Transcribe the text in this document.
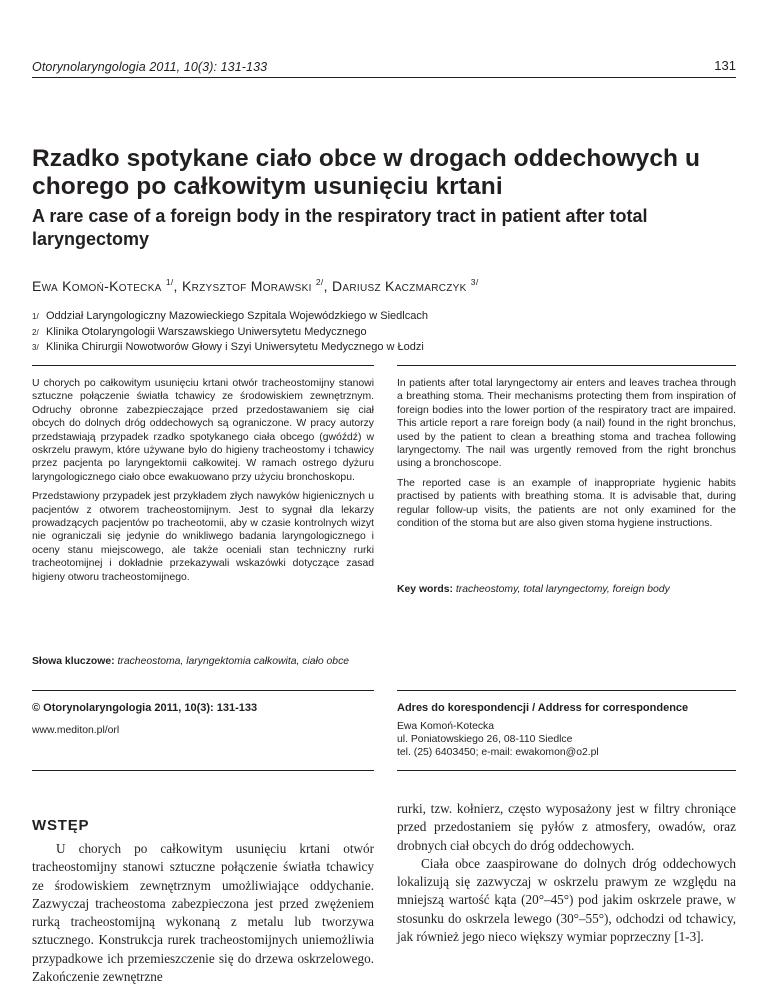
Otorynolaryngologia 2011, 10(3): 131-133	131
Rzadko spotykane ciało obce w drogach oddechowych u chorego po całkowitym usunięciu krtani
A rare case of a foreign body in the respiratory tract in patient after total laryngectomy
Ewa Komoń-Kotecka $^{1/}$, Krzysztof Morawski $^{2/}$, Dariusz Kaczmarczyk $^{3/}$
1/ Oddział Laryngologiczny Mazowieckiego Szpitala Wojewódzkiego w Siedlcach
2/ Klinika Otolaryngologii Warszawskiego Uniwersytetu Medycznego
3/ Klinika Chirurgii Nowotworów Głowy i Szyi Uniwersytetu Medycznego w Łodzi

U chorych po całkowitym usunięciu krtani otwór tracheostomijny stanowi sztuczne połączenie światła tchawicy ze środowiskiem zewnętrznym. Odruchy obronne zabezpieczające przed przedostawaniem się ciał obcych do dolnych dróg oddechowych są ograniczone. W pracy autorzy przedstawiają przypadek rzadko spotykanego ciała obcego (gwóźdź) w oskrzelu prawym, które używane było do higieny tracheostomy i tchawicy przez pacjenta po laryngektomii całkowitej. W ramach ostrego dyżuru laryngologicznego ciało obce ewakuowano przy użyciu bronchoskopu.

Przedstawiony przypadek jest przykładem złych nawyków higienicznych u pacjentów z otworem tracheostomijnym. Jest to sygnał dla lekarzy prowadzących pacjentów po tracheotomii, aby w czasie kontrolnych wizyt nie ograniczali się jedynie do wnikliwego badania laryngologicznego i oceny stanu miejscowego, ale także oceniali stan techniczny rurki tracheotomijnej i dokładnie przekazywali wskazówki dotyczące zasad higieny otworu tracheostomijnego.

In patients after total laryngectomy air enters and leaves trachea through a breathing stoma. Their mechanisms protecting them from inspiration of foreign bodies into the lower portion of the respiratory tract are impaired. This article report a rare foreign body (a nail) found in the right bronchus, used by the patient to clean a breathing stoma and trachea following laryngectomy. The nail was urgently removed from the right bronchus using a bronchoscope.

The reported case is an example of inappropriate hygienic habits practised by patients with breathing stoma. It is advisable that, during regular follow-up visits, the patients are not only examined for the condition of the stoma but are also given stoma hygiene instructions.

Key words: tracheostomy, total laryngectomy, foreign body
Słowa kluczowe: tracheostoma, laryngektomia całkowita, ciało obce
© Otorynolaryngologia 2011, 10(3): 131-133
www.mediton.pl/orl
Adres do korespondencji / Address for correspondence
Ewa Komoń-Kotecka
ul. Poniatowskiego 26, 08-110 Siedlce
tel. (25) 6403450; e-mail: ewakomon@o2.pl
WSTĘP
U chorych po całkowitym usunięciu krtani otwór tracheostomijny stanowi sztuczne połączenie światła tchawicy ze środowiskiem zewnętrznym umożliwiające oddychanie. Zazwyczaj tracheostoma zabezpieczona jest przed zwężeniem rurką tracheostomijną wykonaną z metalu lub tworzywa sztucznego. Konstrukcja rurek tracheostomijnych uniemożliwia przypadkowe ich przemieszczenie się do drzewa oskrzelowego. Zakończenie zewnętrzne

rurki, tzw. kołnierz, często wyposażony jest w filtry chroniące przed przedostaniem się pyłów z atmosfery, owadów, oraz drobnych ciał obcych do dróg oddechowych.

Ciała obce zaaspirowane do dolnych dróg oddechowych lokalizują się zazwyczaj w oskrzelu prawym ze względu na mniejszą wartość kąta (20°–45°) pod jakim oskrzele prawe, w stosunku do oskrzela lewego (30°–55°), odchodzi od tchawicy, jak również jego nieco większy wymiar poprzeczny [1-3].
